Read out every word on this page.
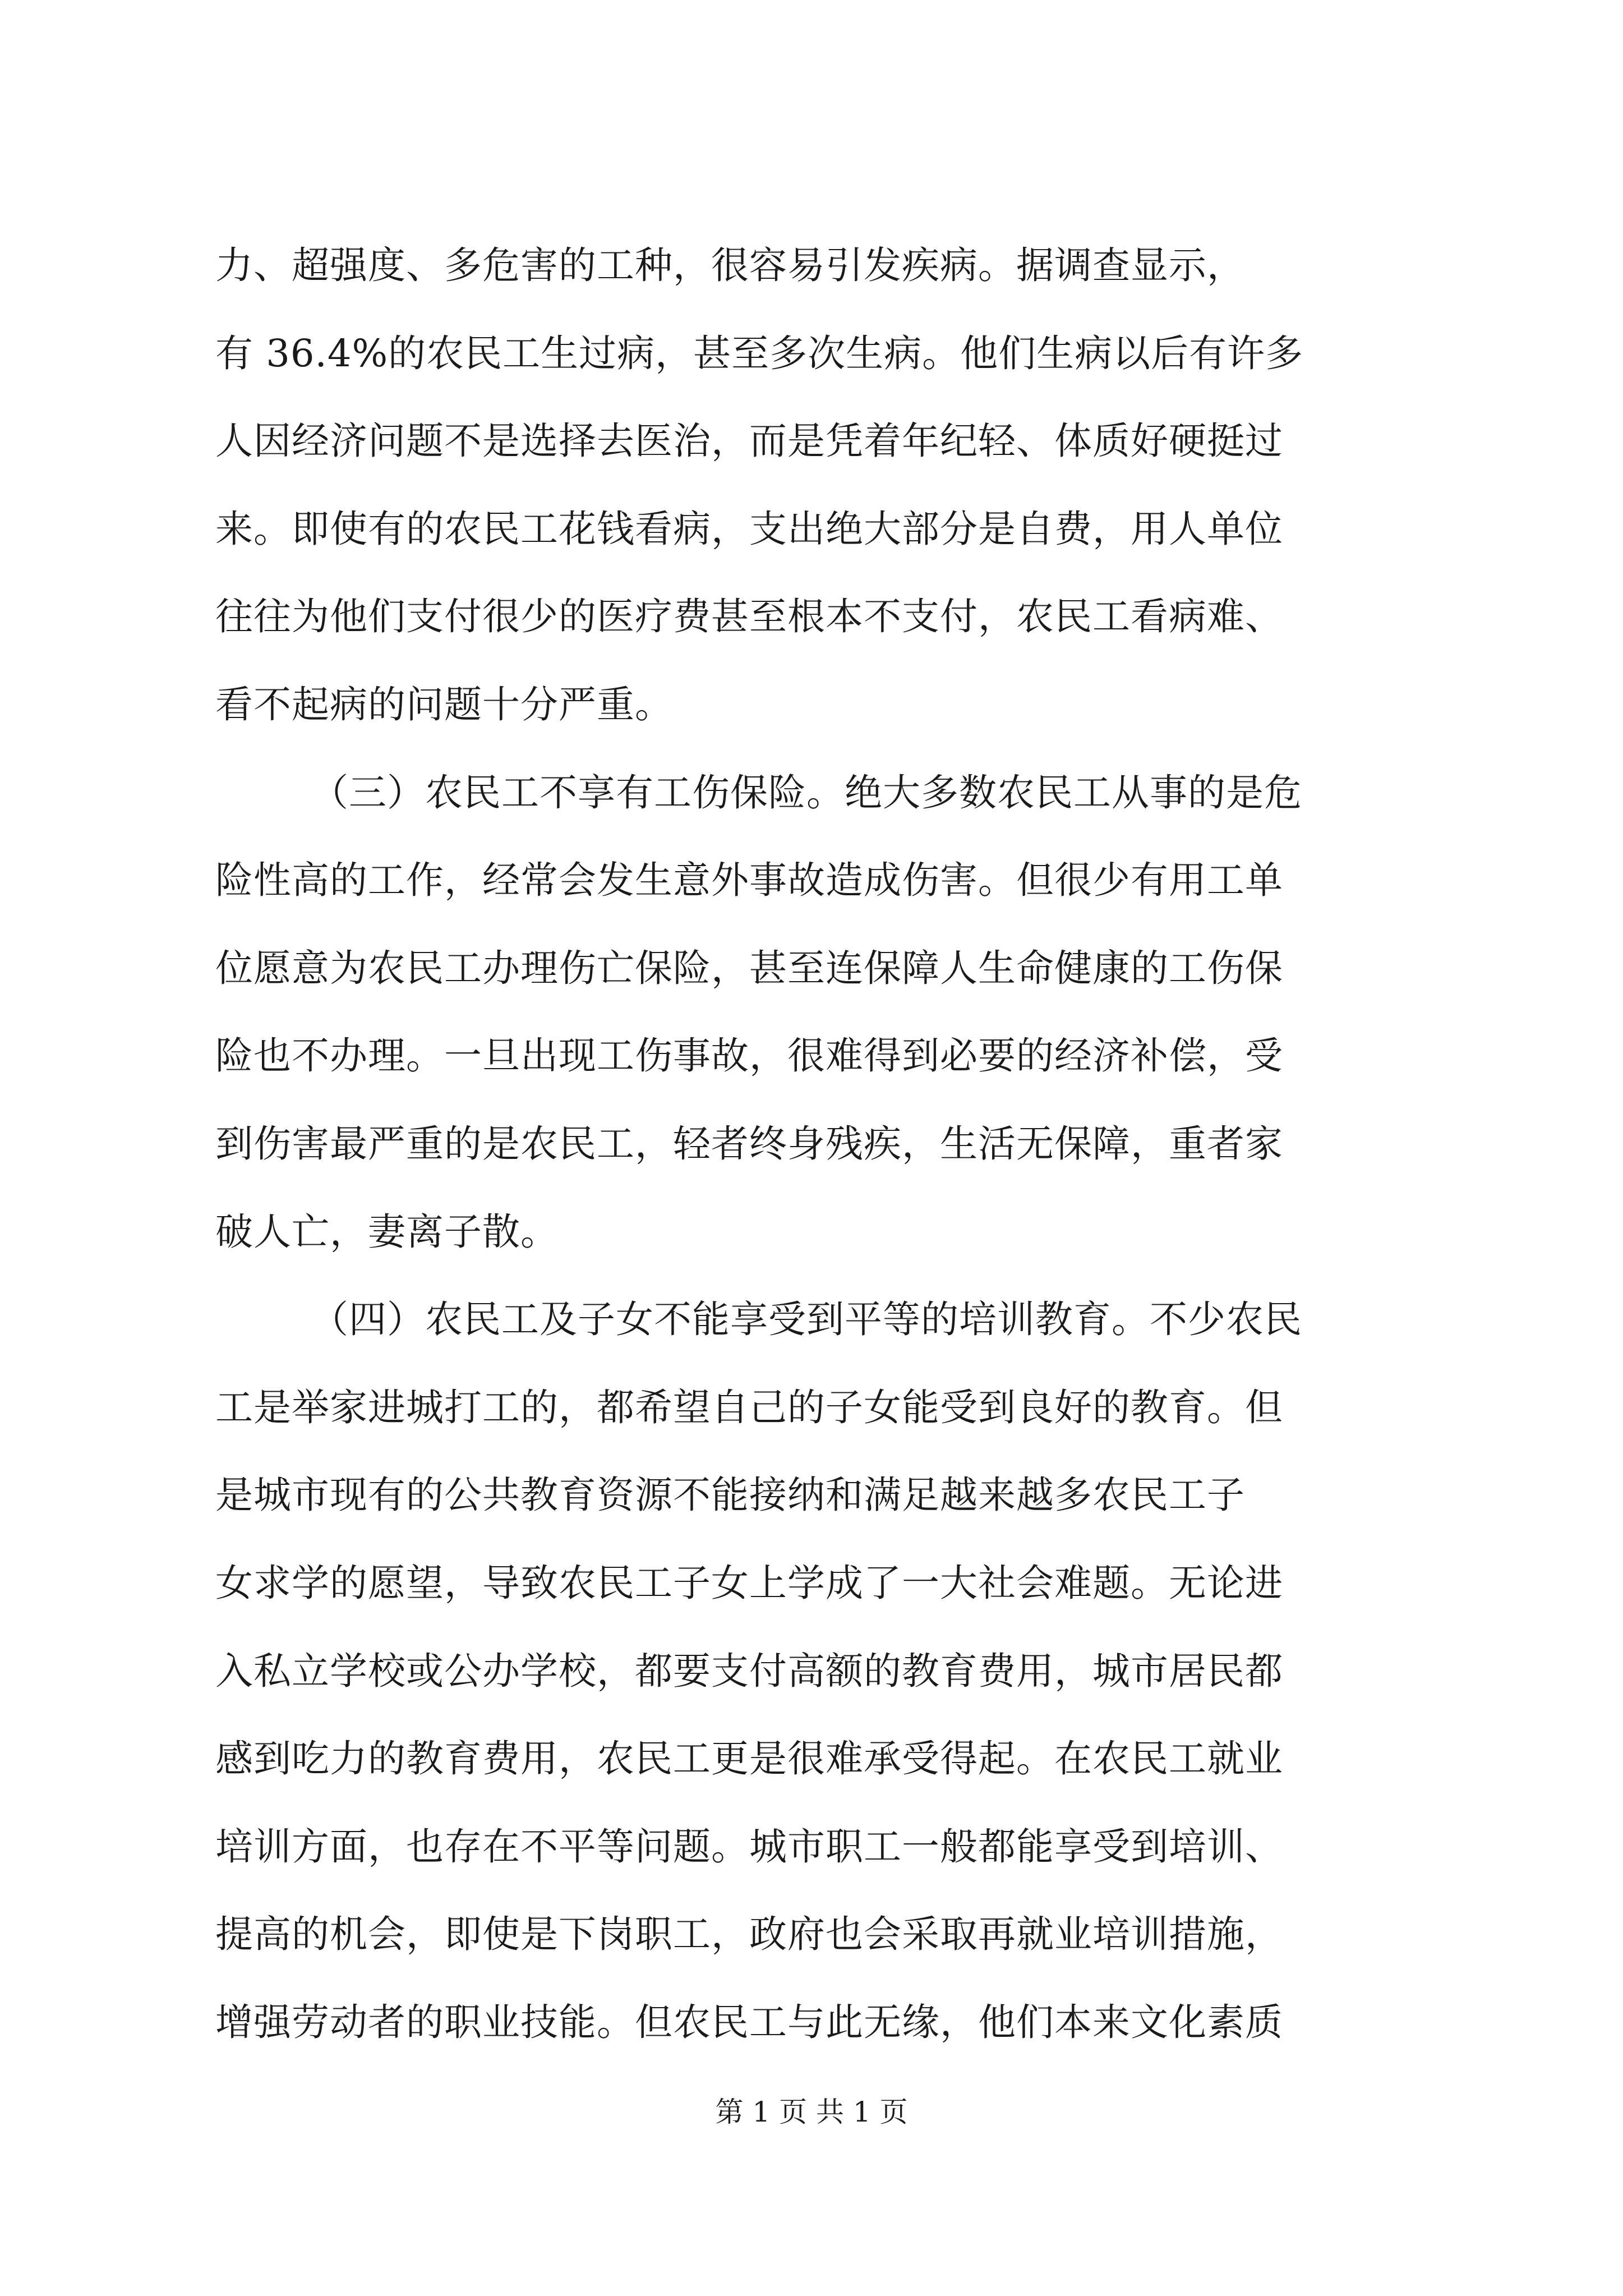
力、超强度、多危害的工种，很容易引发疾病。据调查显示，
有 36.4%的农民工生过病，甚至多次生病。他们生病以后有许多
人因经济问题不是选择去医治，而是凭着年纪轻、体质好硬挺过
来。即使有的农民工花钱看病，支出绝大部分是自费，用人单位
往往为他们支付很少的医疗费甚至根本不支付，农民工看病难、
看不起病的问题十分严重。
（三）农民工不享有工伤保险。绝大多数农民工从事的是危
险性高的工作，经常会发生意外事故造成伤害。但很少有用工单
位愿意为农民工办理伤亡保险，甚至连保障人生命健康的工伤保
险也不办理。一旦出现工伤事故，很难得到必要的经济补偿，受
到伤害最严重的是农民工，轻者终身残疾，生活无保障，重者家
破人亡，妻离子散。
（四）农民工及子女不能享受到平等的培训教育。不少农民
工是举家进城打工的，都希望自己的子女能受到良好的教育。但
是城市现有的公共教育资源不能接纳和满足越来越多农民工子
女求学的愿望，导致农民工子女上学成了一大社会难题。无论进
入私立学校或公办学校，都要支付高额的教育费用，城市居民都
感到吃力的教育费用，农民工更是很难承受得起。在农民工就业
培训方面，也存在不平等问题。城市职工一般都能享受到培训、
提高的机会，即使是下岗职工，政府也会采取再就业培训措施，
增强劳动者的职业技能。但农民工与此无缘，他们本来文化素质
第 1 页 共 1 页
